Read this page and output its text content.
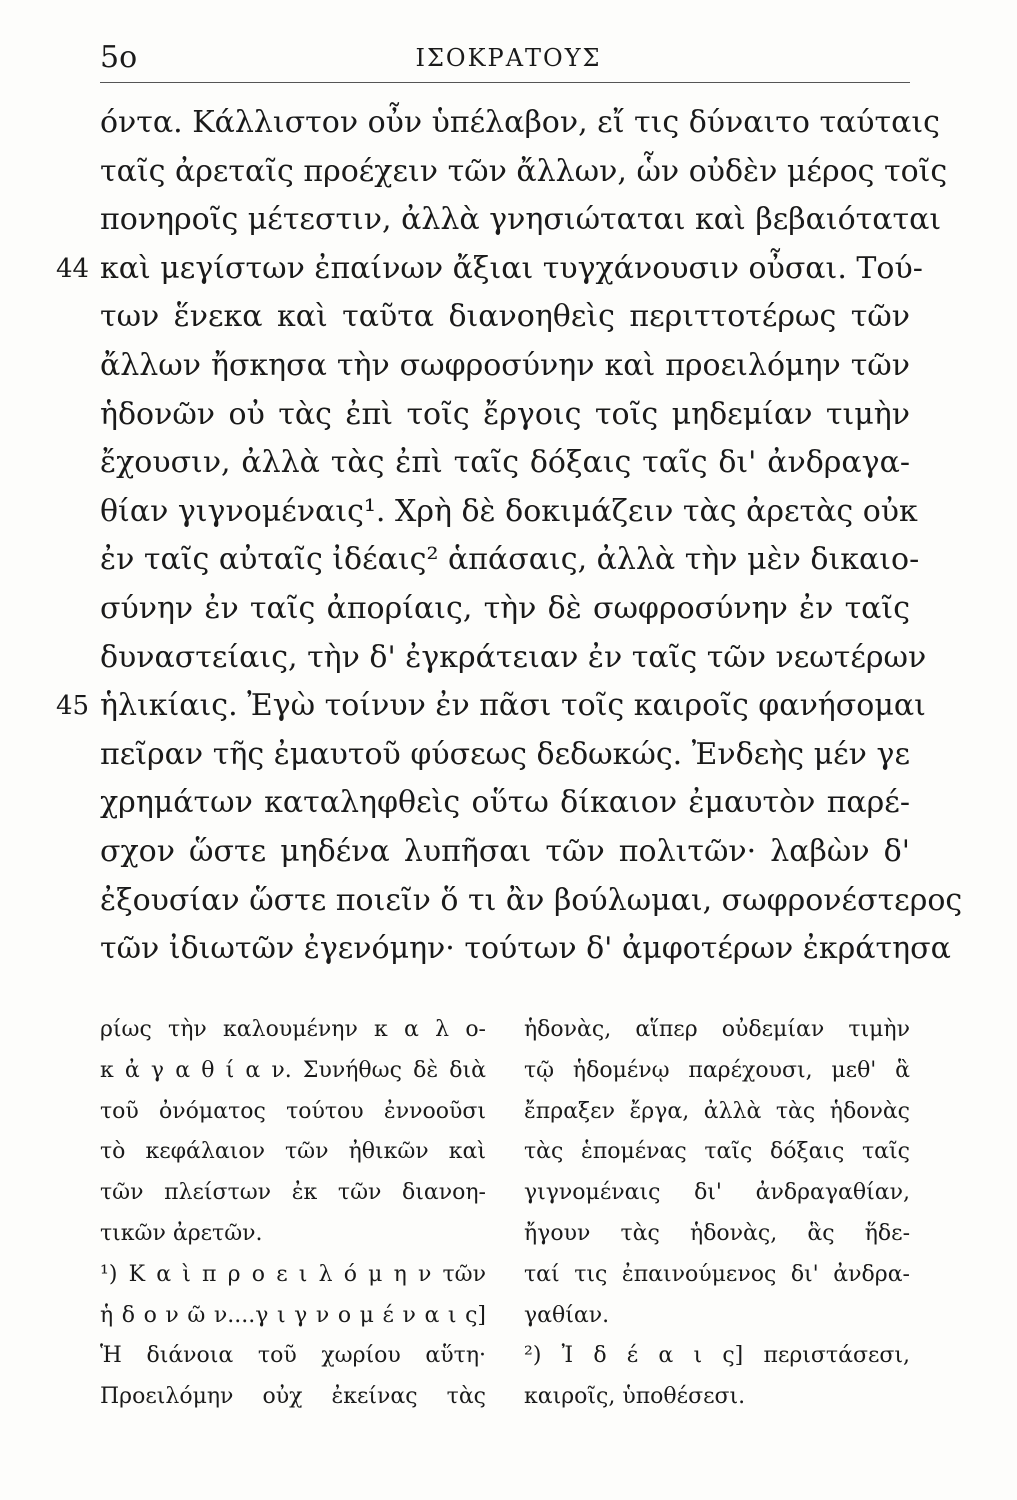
5o	ΙΣΟΚΡΑΤΟΥΣ
όντα. Κάλλιστον οὖν ὑπέλαβον, εἴ τις δύναιτο ταύταις
ταῖς ἀρεταῖς προέχειν τῶν ἄλλων, ὧν οὐδὲν μέρος τοῖς
πονηροῖς μέτεστιν, ἀλλὰ γνησιώταται καὶ βεβαιόταται
44 καὶ μεγίστων ἐπαίνων ἄξιαι τυγχάνουσιν οὖσαι. Τού-
των ἕνεκα καὶ ταῦτα διανοηθεὶς περιττοτέρως τῶν
ἄλλων ἤσκησα τὴν σωφροσύνην καὶ προειλόμην τῶν
ἡδονῶν οὐ τὰς ἐπὶ τοῖς ἔργοις τοῖς μηδεμίαν τιμὴν
ἔχουσιν, ἀλλὰ τὰς ἐπὶ ταῖς δόξαις ταῖς δι' ἀνδραγα-
θίαν γιγνομέναις¹. Χρὴ δὲ δοκιμάζειν τὰς ἀρετὰς οὐκ
ἐν ταῖς αὐταῖς ἰδέαις² ἁπάσαις, ἀλλὰ τὴν μὲν δικαιο-
σύνην ἐν ταῖς ἀπορίαις, τὴν δὲ σωφροσύνην ἐν ταῖς
δυναστείαις, τὴν δ' ἐγκράτειαν ἐν ταῖς τῶν νεωτέρων
45 ἡλικίαις. Ἐγὼ τοίνυν ἐν πᾶσι τοῖς καιροῖς φανήσομαι
πεῖραν τῆς ἐμαυτοῦ φύσεως δεδωκώς. Ἐνδεὴς μέν γε
χρημάτων καταληφθεὶς οὕτω δίκαιον ἐμαυτὸν παρέ-
σχον ὥστε μηδένα λυπῆσαι τῶν πολιτῶν· λαβὼν δ'
ἐξουσίαν ὥστε ποιεῖν ὅ τι ἂν βούλωμαι, σωφρονέστερος
τῶν ἰδιωτῶν ἐγενόμην· τούτων δ' ἀμφοτέρων ἐκράτησα
ρίως τὴν καλουμένην κ α λ ο-
κ ἀ γ α θ ί α ν. Συνήθως δὲ διὰ
τοῦ ὀνόματος τούτου ἐννοοῦσι
τὸ κεφάλαιον τῶν ἠθικῶν καὶ
τῶν πλείστων ἐκ τῶν διανοη-
τικῶν ἀρετῶν.
¹) Κ α ὶ π ρ ο ε ι λ ό μ η ν τῶν
ἡ δ ο ν ῶ ν....γ ι γ ν ο μ έ ν α ι ς]
Ἡ διάνοια τοῦ χωρίου αὕτη·
Προειλόμην οὐχ ἐκείνας τὰς
ἡδονὰς, αἵπερ οὐδεμίαν τιμὴν
τῷ ἡδομένῳ παρέχουσι, μεθ' ἃ
ἔπραξεν ἔργα, ἀλλὰ τὰς ἡδονὰς
τὰς ἑπομένας ταῖς δόξαις ταῖς
γιγνομέναις δι' ἀνδραγαθίαν,
ἤγουν τὰς ἡδονὰς, ἃς ἥδε-
ταί τις ἐπαινούμενος δι' ἀνδρα-
γαθίαν.
²) Ἰ δ έ α ι ς] περιστάσεσι,
καιροῖς, ὑποθέσεσι.
